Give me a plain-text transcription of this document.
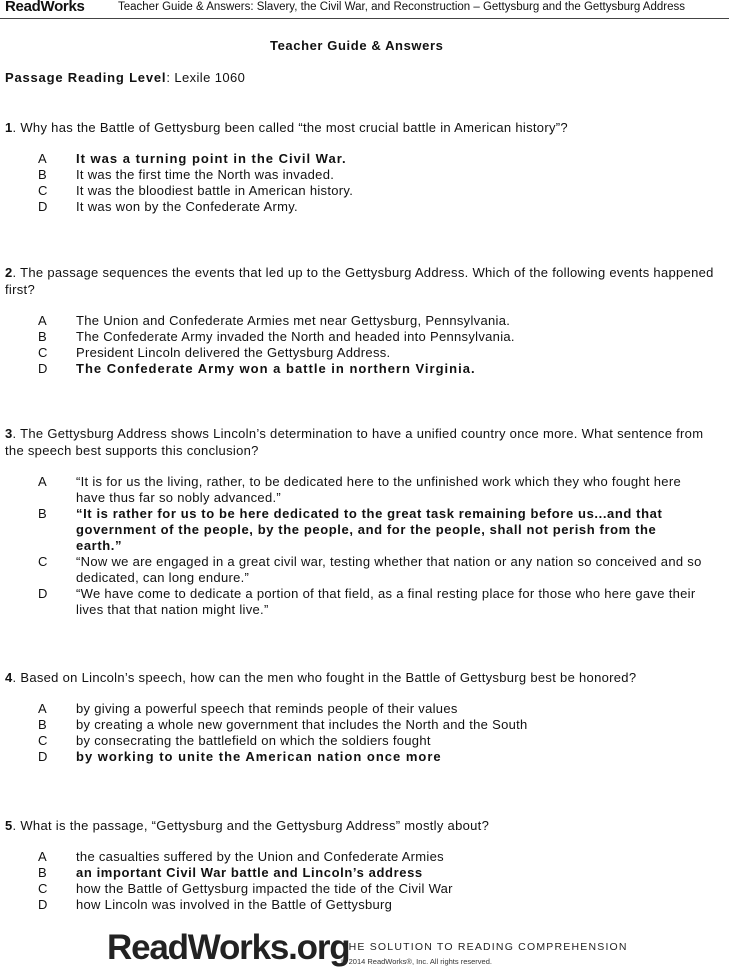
ReadWorks	Teacher Guide & Answers: Slavery, the Civil War, and Reconstruction – Gettysburg and the Gettysburg Address
Teacher Guide & Answers
Passage Reading Level: Lexile 1060

1. Why has the Battle of Gettysburg been called “the most crucial battle in American history”?

A	It was a turning point in the Civil War.
B	It was the first time the North was invaded.
C	It was the bloodiest battle in American history.
D	It was won by the Confederate Army.

2. The passage sequences the events that led up to the Gettysburg Address. Which of the following events happened first?

A	The Union and Confederate Armies met near Gettysburg, Pennsylvania.
B	The Confederate Army invaded the North and headed into Pennsylvania.
C	President Lincoln delivered the Gettysburg Address.
D	The Confederate Army won a battle in northern Virginia.

3. The Gettysburg Address shows Lincoln’s determination to have a unified country once more. What sentence from the speech best supports this conclusion?

A	“It is for us the living, rather, to be dedicated here to the unfinished work which they who fought here have thus far so nobly advanced.”
B	“It is rather for us to be here dedicated to the great task remaining before us...and that government of the people, by the people, and for the people, shall not perish from the earth.”
C	“Now we are engaged in a great civil war, testing whether that nation or any nation so conceived and so dedicated, can long endure.”
D	“We have come to dedicate a portion of that field, as a final resting place for those who here gave their lives that that nation might live.”

4. Based on Lincoln’s speech, how can the men who fought in the Battle of Gettysburg best be honored?

A	by giving a powerful speech that reminds people of their values
B	by creating a whole new government that includes the North and the South
C	by consecrating the battlefield on which the soldiers fought
D	by working to unite the American nation once more

5. What is the passage, “Gettysburg and the Gettysburg Address” mostly about?

A	the casualties suffered by the Union and Confederate Armies
B	an important Civil War battle and Lincoln’s address
C	how the Battle of Gettysburg impacted the tide of the Civil War
D	how Lincoln was involved in the Battle of Gettysburg
ReadWorks.org
THE SOLUTION TO READING COMPREHENSION
© 2014 ReadWorks®, Inc. All rights reserved.
